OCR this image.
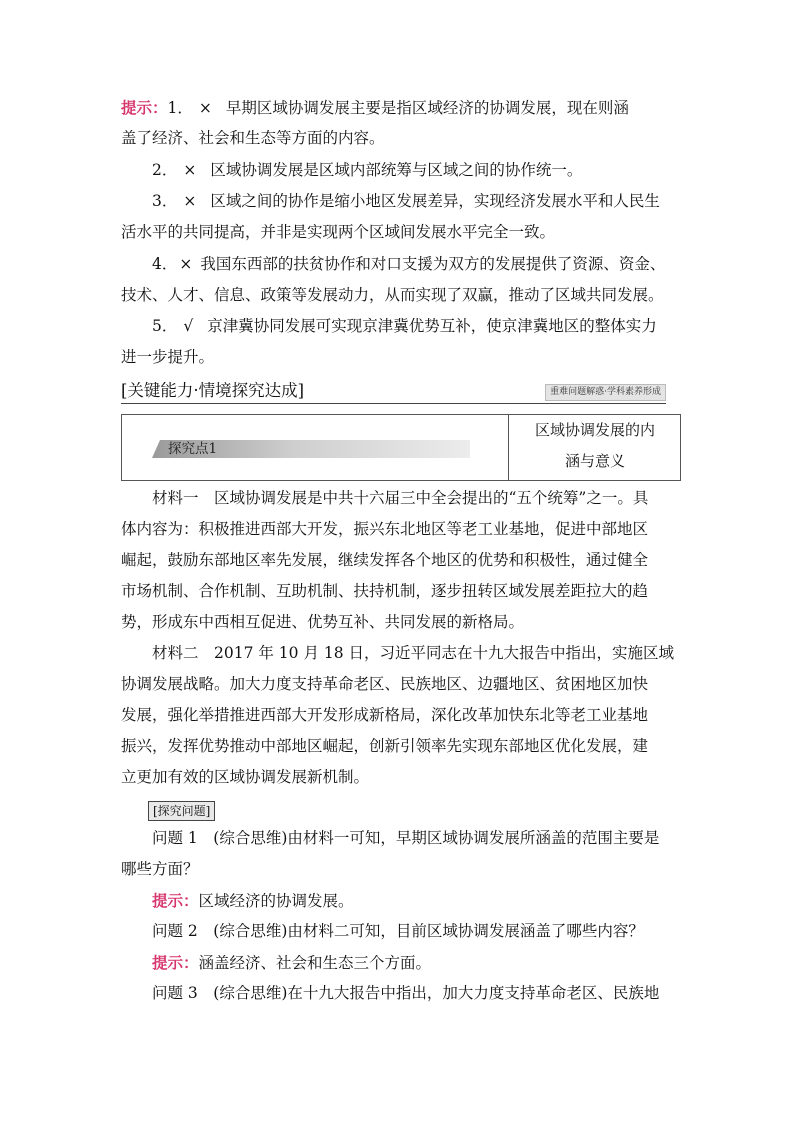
提示：1． × 早期区域协调发展主要是指区域经济的协调发展，现在则涵
盖了经济、社会和生态等方面的内容。
2． × 区域协调发展是区域内部统筹与区域之间的协作统一。
3． × 区域之间的协作是缩小地区发展差异，实现经济发展水平和人民生
活水平的共同提高，并非是实现两个区域间发展水平完全一致。
4． × 我国东西部的扶贫协作和对口支援为双方的发展提供了资源、资金、
技术、人才、信息、政策等发展动力，从而实现了双赢，推动了区域共同发展。
5． √ 京津冀协同发展可实现京津冀优势互补，使京津冀地区的整体实力
进一步提升。
[关键能力·情境探究达成]	重难问题解惑·学科素养形成
探究点1
区域协调发展的内
涵与意义
材料一　区域协调发展是中共十六届三中全会提出的“五个统筹”之一。具
体内容为：积极推进西部大开发，振兴东北地区等老工业基地，促进中部地区
崛起，鼓励东部地区率先发展，继续发挥各个地区的优势和积极性，通过健全
市场机制、合作机制、互助机制、扶持机制，逐步扭转区域发展差距拉大的趋
势，形成东中西相互促进、优势互补、共同发展的新格局。
材料二　2017 年 10 月 18 日，习近平同志在十九大报告中指出，实施区域
协调发展战略。加大力度支持革命老区、民族地区、边疆地区、贫困地区加快
发展，强化举措推进西部大开发形成新格局，深化改革加快东北等老工业基地
振兴，发挥优势推动中部地区崛起，创新引领率先实现东部地区优化发展，建
立更加有效的区域协调发展新机制。
[探究问题]
问题 1　(综合思维)由材料一可知，早期区域协调发展所涵盖的范围主要是
哪些方面？
提示：区域经济的协调发展。
问题 2　(综合思维)由材料二可知，目前区域协调发展涵盖了哪些内容？
提示：涵盖经济、社会和生态三个方面。
问题 3　(综合思维)在十九大报告中指出，加大力度支持革命老区、民族地
